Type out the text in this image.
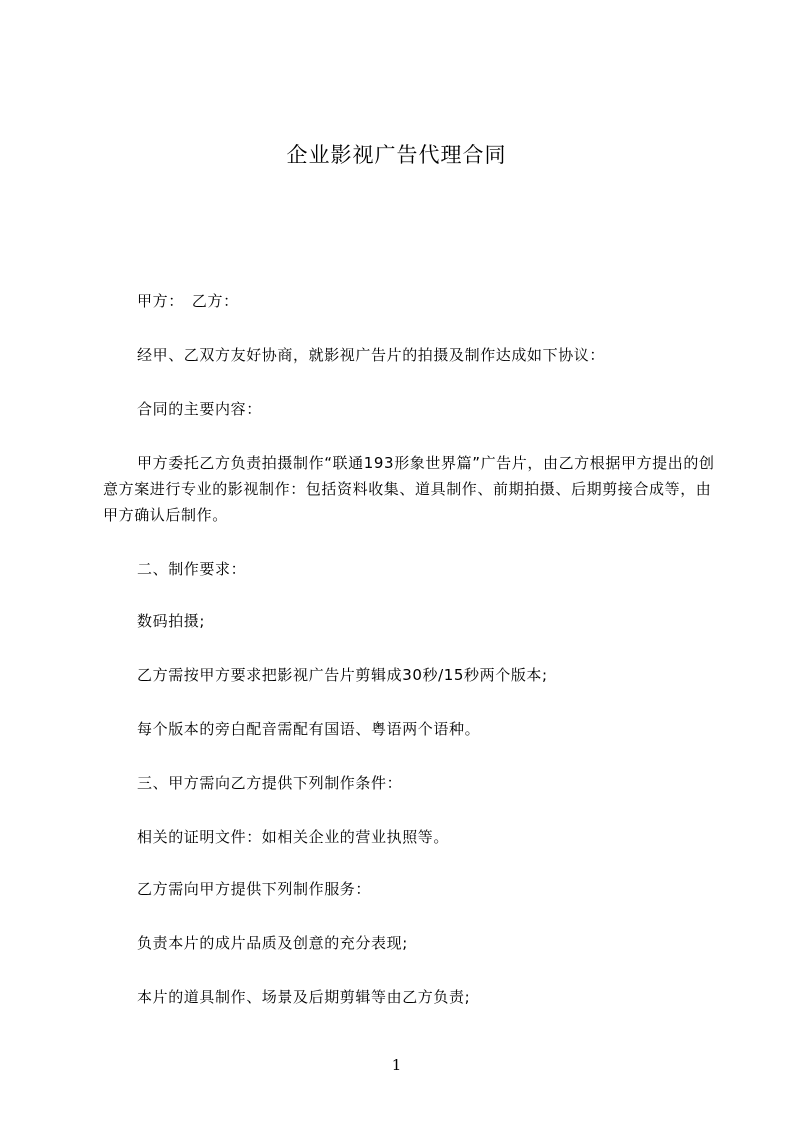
企业影视广告代理合同
甲方：　乙方：
经甲、乙双方友好协商，就影视广告片的拍摄及制作达成如下协议：
合同的主要内容：
甲方委托乙方负责拍摄制作“联通193形象世界篇”广告片，由乙方根据甲方提出的创意方案进行专业的影视制作：包括资料收集、道具制作、前期拍摄、后期剪接合成等，由甲方确认后制作。
二、制作要求：
数码拍摄;
乙方需按甲方要求把影视广告片剪辑成30秒/15秒两个版本;
每个版本的旁白配音需配有国语、粤语两个语种。
三、甲方需向乙方提供下列制作条件：
相关的证明文件：如相关企业的营业执照等。
乙方需向甲方提供下列制作服务：
负责本片的成片品质及创意的充分表现;
本片的道具制作、场景及后期剪辑等由乙方负责;
1
